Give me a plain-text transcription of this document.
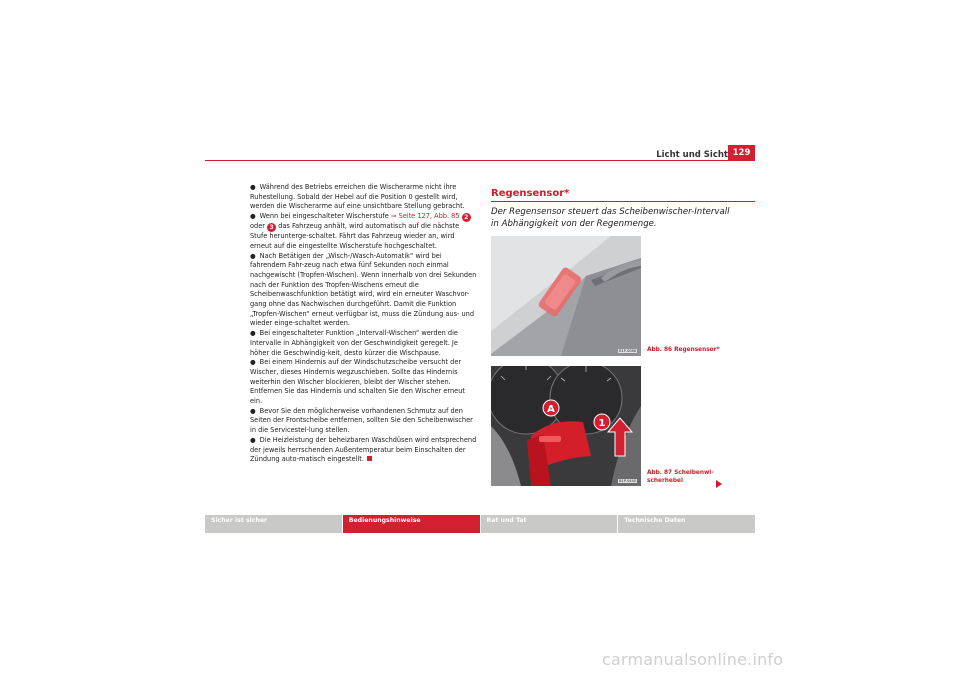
Licht und Sicht 129

● Während des Betriebs erreichen die Wischerarme nicht ihre Ruhestellung. Sobald der Hebel auf die Position 0 gestellt wird, werden die Wischerarme auf eine unsichtbare Stellung gebracht.

● Wenn bei eingeschalteter Wischerstufe ⇒ Seite 127, Abb. 85 2 oder 3 das Fahrzeug anhält, wird automatisch auf die nächste Stufe herunterge-schaltet. Fährt das Fahrzeug wieder an, wird erneut auf die eingestellte Wischerstufe hochgeschaltet.

● Nach Betätigen der „Wisch-/Wasch-Automatik“ wird bei fahrendem Fahr-zeug nach etwa fünf Sekunden noch einmal nachgewischt (Tropfen-Wischen). Wenn innerhalb von drei Sekunden nach der Funktion des Tropfen-Wischens erneut die Scheibenwaschfunktion betätigt wird, wird ein erneuter Waschvor-gang ohne das Nachwischen durchgeführt. Damit die Funktion „Tropfen-Wischen“ erneut verfügbar ist, muss die Zündung aus- und wieder einge-schaltet werden.

● Bei eingeschalteter Funktion „Intervall-Wischen“ werden die Intervalle in Abhängigkeit von der Geschwindigkeit geregelt. Je höher die Geschwindig-keit, desto kürzer die Wischpause.

● Bei einem Hindernis auf der Windschutzscheibe versucht der Wischer, dieses Hindernis wegzuschieben. Sollte das Hindernis weiterhin den Wischer blockieren, bleibt der Wischer stehen. Entfernen Sie das Hindernis und schalten Sie den Wischer erneut ein.

● Bevor Sie den möglicherweise vorhandenen Schmutz auf den Seiten der Frontscheibe entfernen, sollten Sie den Scheibenwischer in die Servicestel-lung stellen.

● Die Heizleistung der beheizbaren Waschdüsen wird entsprechend der jeweils herrschenden Außentemperatur beim Einschalten der Zündung auto-matisch eingestellt.

Regensensor*
Der Regensensor steuert das Scheibenwischer-Intervall in Abhängigkeit von der Regenmenge.
B1P-0086
A
1
B1P-0440
Abb. 86 Regensensor*
Abb. 87 Scheibenwi-
scherhebel
Sicher ist sicher	Bedienungshinweise	Rat und Tat	Technische Daten
carmanualsonline.info
